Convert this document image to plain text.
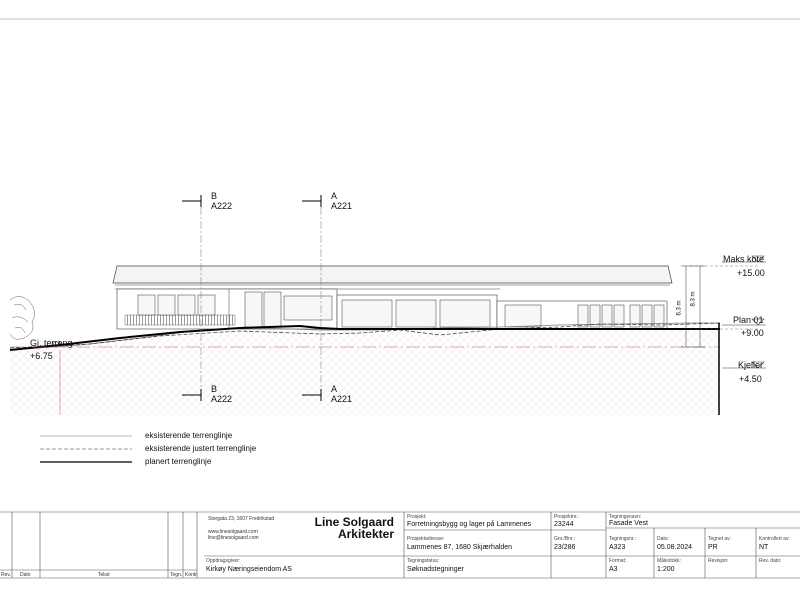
B
A222
A
A221
B
A222
A
A221
Maks kote
+15.00
Plan 01
+9.00
Kjeller
+4.50
Gj. terreng
+6.75
6.3 m
8.3 m
eksisterende terrenglinje
eksisterende justert terrenglinje
planert terrenglinje
Rev. Dato	Tekst	Tegn. Kontr.
Storgata 23, 1607 Fredrikstad
www.linesolgaard.com
line@linesolgaard.com
Line Solgaard
Arkitekter
Oppdragsgiver:
Kirkøy Næringseiendom AS
Prosjekt:
Forretningsbygg og lager på Lammenes
Prosjektnr.:
23244
Prosjektadresse:
Lammenes 87, 1680 Skjærhalden
Gnr./Bnr.:
23/286
Tegningstatus:
Søknadstegninger
Tegningsnavn:
Fasade Vest
Tegningsnr.:
A323
Dato:
05.08.2024
Tegnet av:
PR
Kontrollert av:
NT
Format:
A3
Målestokk:
1:200
Revisjon:	Rev. dato:
